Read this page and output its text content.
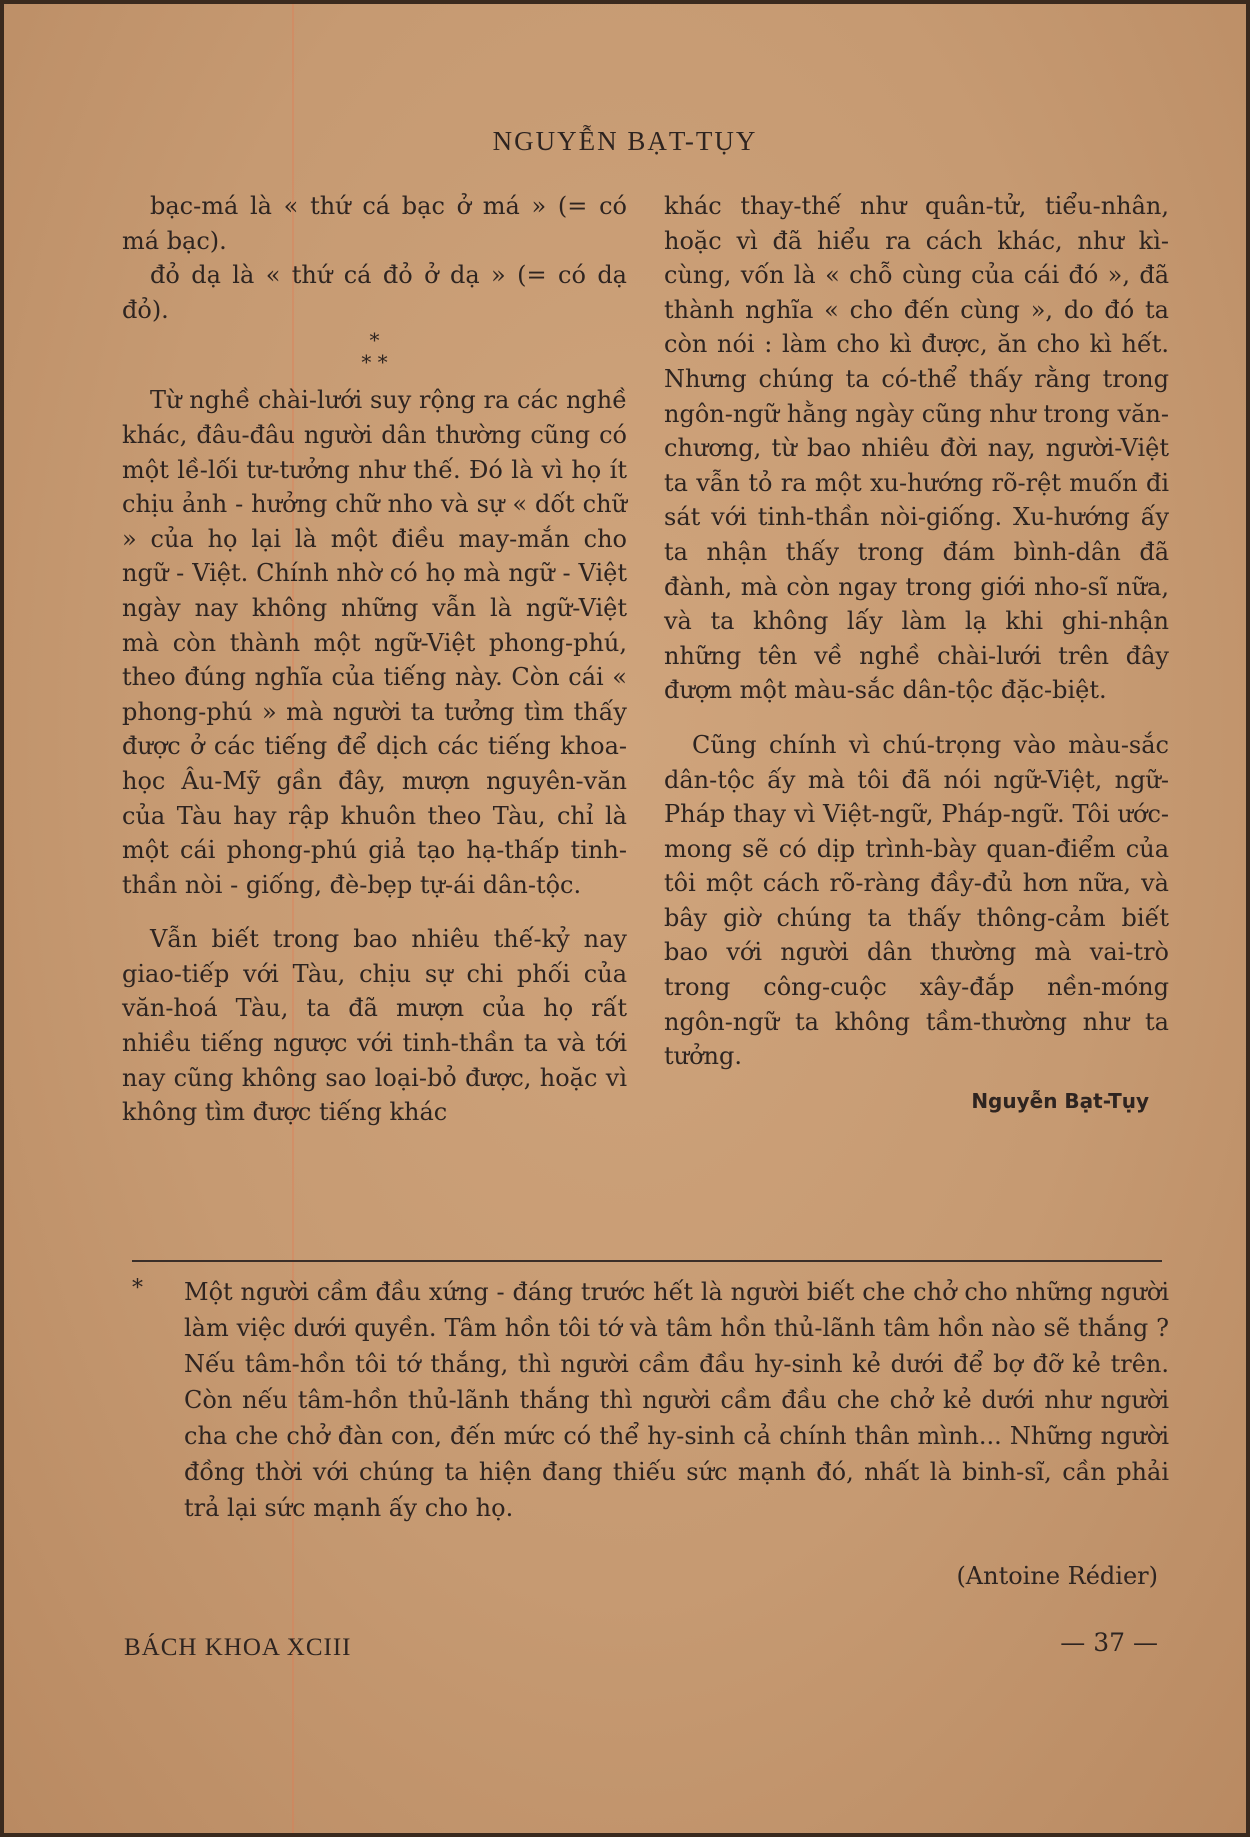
NGUYỄN BẠT-TỤY

bạc-má là « thứ cá bạc ở má » (= có má bạc).

đỏ dạ là « thứ cá đỏ ở dạ » (= có dạ đỏ).

*
* *

Từ nghề chài-lưới suy rộng ra các nghề khác, đâu-đâu người dân thường cũng có một lề-lối tư-tưởng như thế. Đó là vì họ ít chịu ảnh - hưởng chữ nho và sự « dốt chữ » của họ lại là một điều may-mắn cho ngữ - Việt. Chính nhờ có họ mà ngữ - Việt ngày nay không những vẫn là ngữ-Việt mà còn thành một ngữ-Việt phong-phú, theo đúng nghĩa của tiếng này. Còn cái « phong-phú » mà người ta tưởng tìm thấy được ở các tiếng để dịch các tiếng khoa-học Âu-Mỹ gần đây, mượn nguyên-văn của Tàu hay rập khuôn theo Tàu, chỉ là một cái phong-phú giả tạo hạ-thấp tinh-thần nòi - giống, đè-bẹp tự-ái dân-tộc.

Vẫn biết trong bao nhiêu thế-kỷ nay giao-tiếp với Tàu, chịu sự chi phối của văn-hoá Tàu, ta đã mượn của họ rất nhiều tiếng ngược với tinh-thần ta và tới nay cũng không sao loại-bỏ được, hoặc vì không tìm được tiếng khác

khác thay-thế như quân-tử, tiểu-nhân, hoặc vì đã hiểu ra cách khác, như kì-cùng, vốn là « chỗ cùng của cái đó », đã thành nghĩa « cho đến cùng », do đó ta còn nói : làm cho kì được, ăn cho kì hết. Nhưng chúng ta có-thể thấy rằng trong ngôn-ngữ hằng ngày cũng như trong văn-chương, từ bao nhiêu đời nay, người-Việt ta vẫn tỏ ra một xu-hướng rõ-rệt muốn đi sát với tinh-thần nòi-giống. Xu-hướng ấy ta nhận thấy trong đám bình-dân đã đành, mà còn ngay trong giới nho-sĩ nữa, và ta không lấy làm lạ khi ghi-nhận những tên về nghề chài-lưới trên đây đượm một màu-sắc dân-tộc đặc-biệt.

Cũng chính vì chú-trọng vào màu-sắc dân-tộc ấy mà tôi đã nói ngữ-Việt, ngữ-Pháp thay vì Việt-ngữ, Pháp-ngữ. Tôi ước-mong sẽ có dịp trình-bày quan-điểm của tôi một cách rõ-ràng đầy-đủ hơn nữa, và bây giờ chúng ta thấy thông-cảm biết bao với người dân thường mà vai-trò trong công-cuộc xây-đắp nền-móng ngôn-ngữ ta không tầm-thường như ta tưởng.

Nguyễn Bạt-Tụy
* Một người cầm đầu xứng - đáng trước hết là người biết che chở cho những người làm việc dưới quyền. Tâm hồn tôi tớ và tâm hồn thủ-lãnh tâm hồn nào sẽ thắng ? Nếu tâm-hồn tôi tớ thắng, thì người cầm đầu hy-sinh kẻ dưới để bợ đỡ kẻ trên. Còn nếu tâm-hồn thủ-lãnh thắng thì người cầm đầu che chở kẻ dưới như người cha che chở đàn con, đến mức có thể hy-sinh cả chính thân mình... Những người đồng thời với chúng ta hiện đang thiếu sức mạnh đó, nhất là binh-sĩ, cần phải trả lại sức mạnh ấy cho họ.
(Antoine Rédier)
BÁCH KHOA XCIII	— 37 —
